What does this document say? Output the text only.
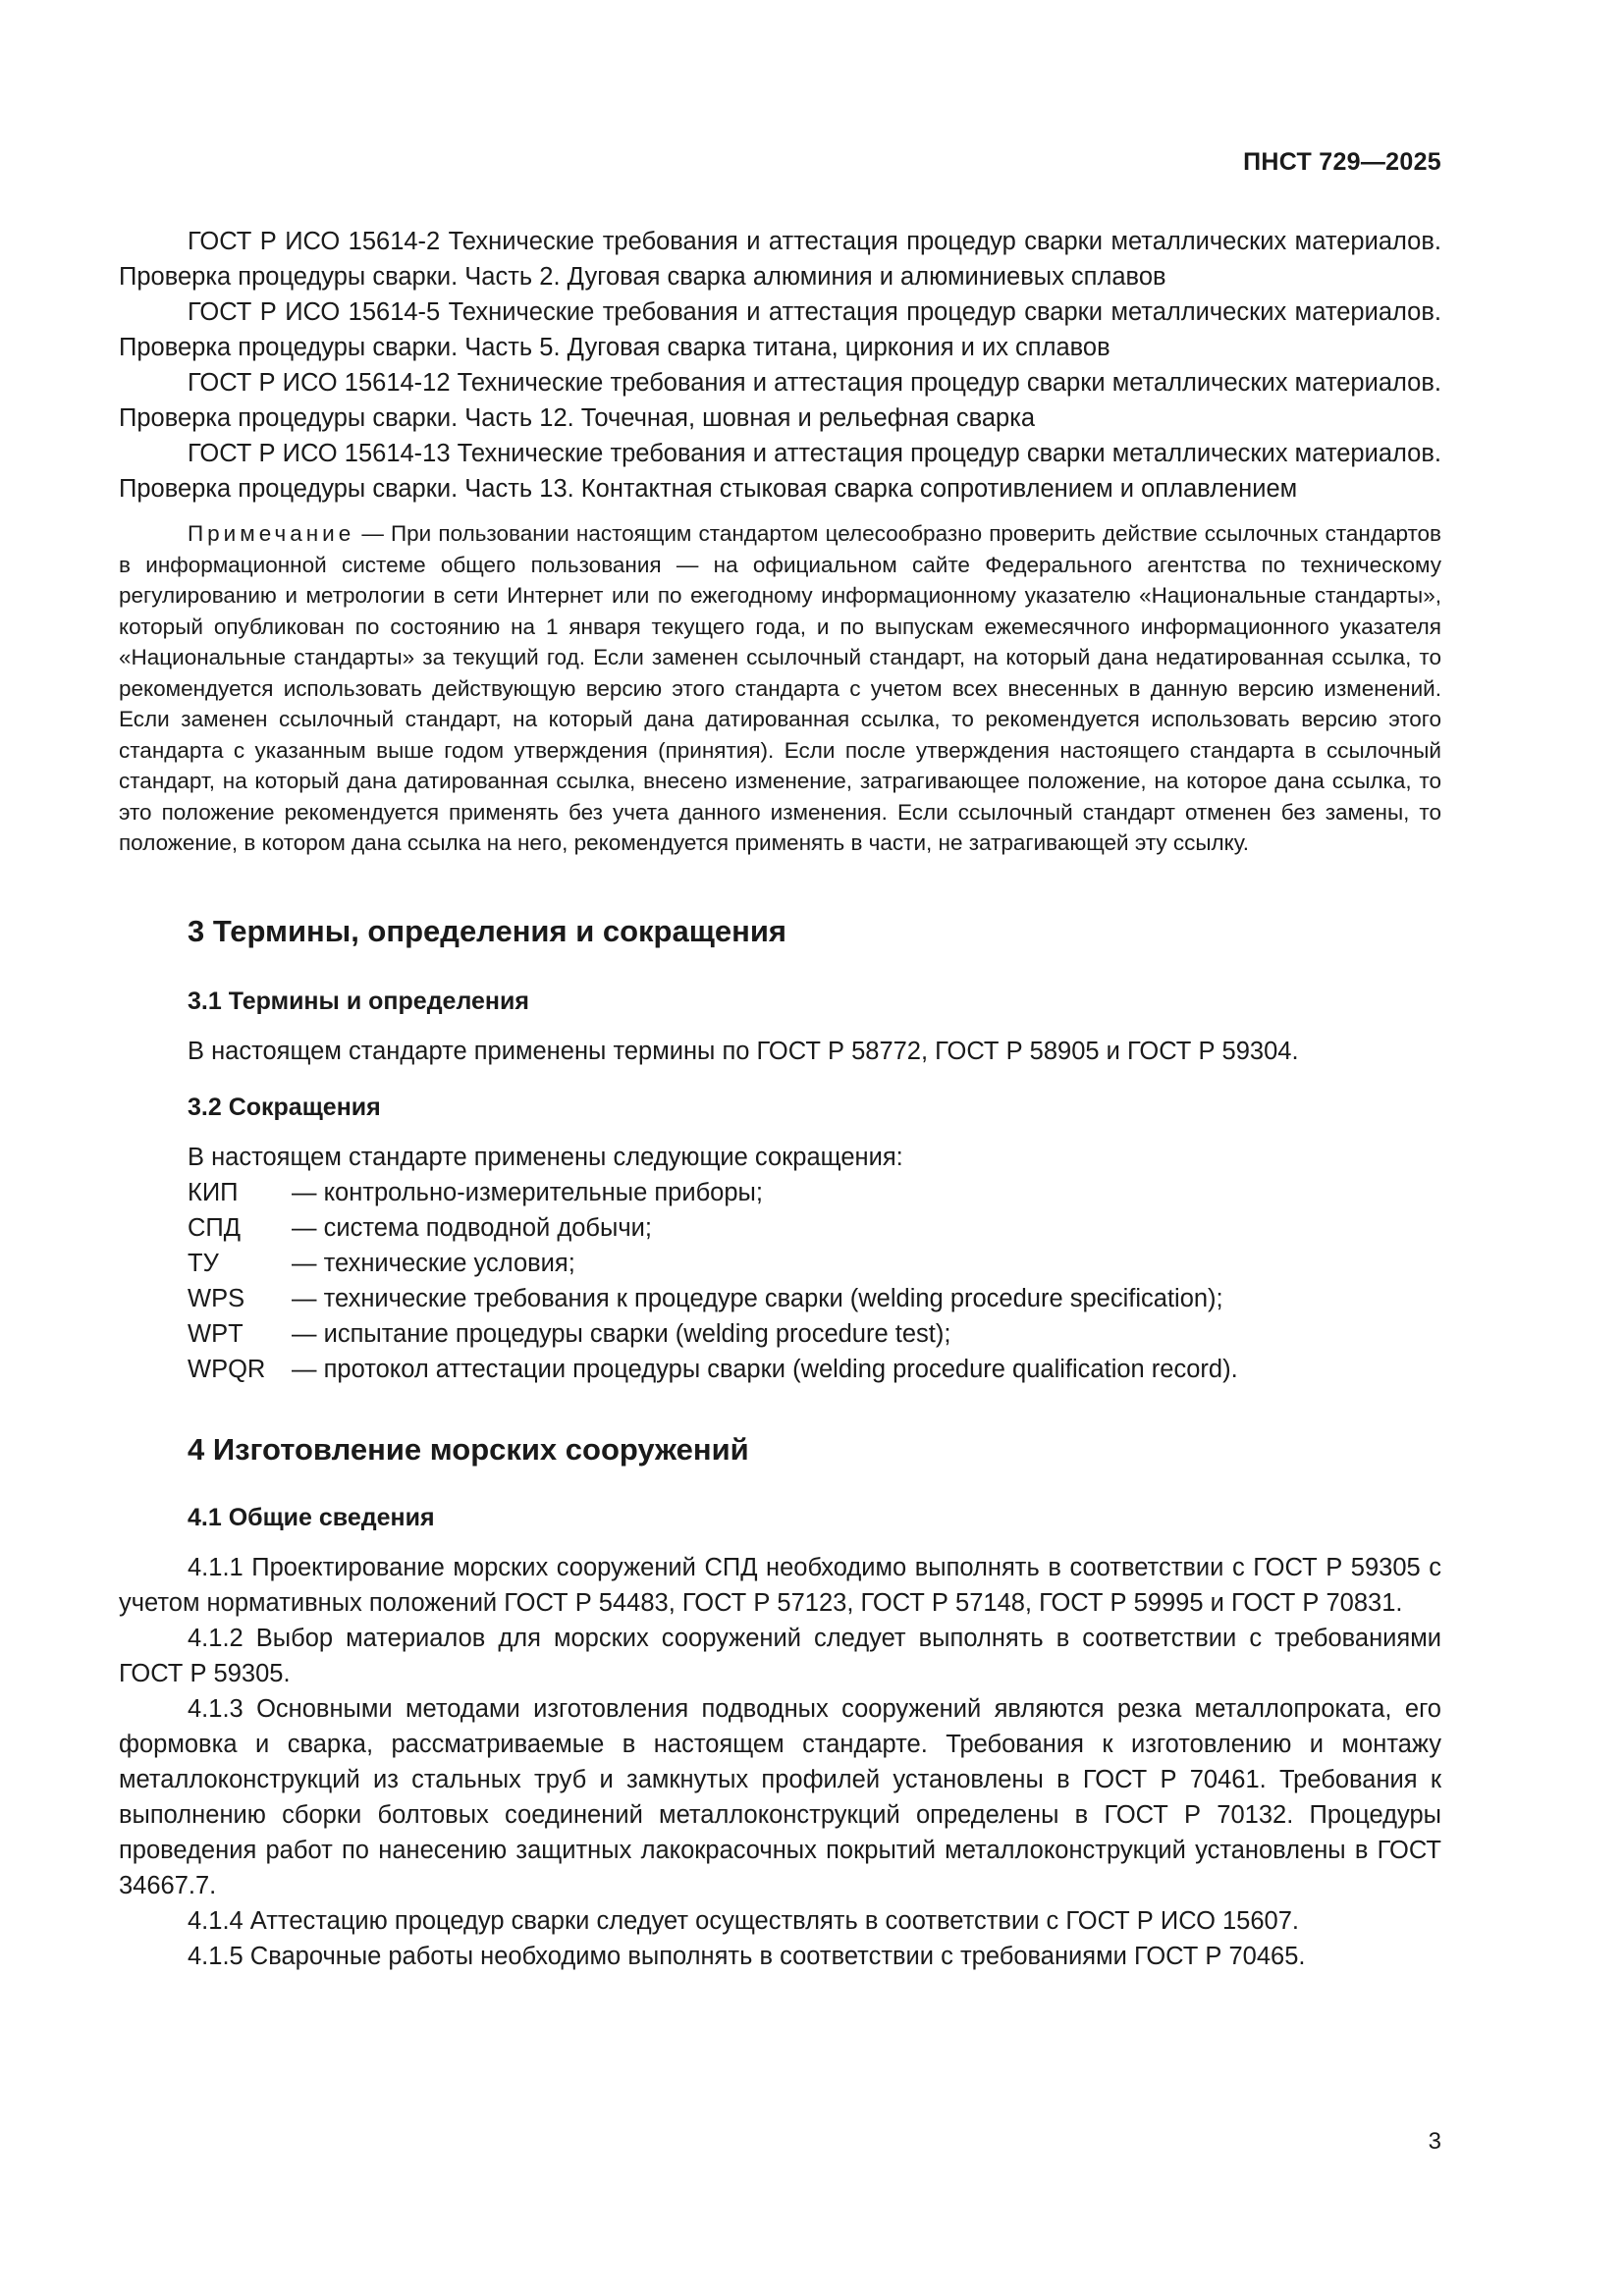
ПНСТ 729—2025

ГОСТ Р ИСО 15614-2 Технические требования и аттестация процедур сварки металлических материалов. Проверка процедуры сварки. Часть 2. Дуговая сварка алюминия и алюминиевых сплавов

ГОСТ Р ИСО 15614-5 Технические требования и аттестация процедур сварки металлических материалов. Проверка процедуры сварки. Часть 5. Дуговая сварка титана, циркония и их сплавов

ГОСТ Р ИСО 15614-12 Технические требования и аттестация процедур сварки металлических материалов. Проверка процедуры сварки. Часть 12. Точечная, шовная и рельефная сварка

ГОСТ Р ИСО 15614-13 Технические требования и аттестация процедур сварки металлических материалов. Проверка процедуры сварки. Часть 13. Контактная стыковая сварка сопротивлением и оплавлением

Примечание — При пользовании настоящим стандартом целесообразно проверить действие ссылочных стандартов в информационной системе общего пользования — на официальном сайте Федерального агентства по техническому регулированию и метрологии в сети Интернет или по ежегодному информационному указателю «Национальные стандарты», который опубликован по состоянию на 1 января текущего года, и по выпускам ежемесячного информационного указателя «Национальные стандарты» за текущий год. Если заменен ссылочный стандарт, на который дана недатированная ссылка, то рекомендуется использовать действующую версию этого стандарта с учетом всех внесенных в данную версию изменений. Если заменен ссылочный стандарт, на который дана датированная ссылка, то рекомендуется использовать версию этого стандарта с указанным выше годом утверждения (принятия). Если после утверждения настоящего стандарта в ссылочный стандарт, на который дана датированная ссылка, внесено изменение, затрагивающее положение, на которое дана ссылка, то это положение рекомендуется применять без учета данного изменения. Если ссылочный стандарт отменен без замены, то положение, в котором дана ссылка на него, рекомендуется применять в части, не затрагивающей эту ссылку.

3 Термины, определения и сокращения
3.1 Термины и определения

В настоящем стандарте применены термины по ГОСТ Р 58772, ГОСТ Р 58905 и ГОСТ Р 59304.

3.2 Сокращения

В настоящем стандарте применены следующие сокращения:

КИП	— контрольно-измерительные приборы;
СПД	— система подводной добычи;
ТУ	— технические условия;
WPS	— технические требования к процедуре сварки (welding procedure specification);
WPT	— испытание процедуры сварки (welding procedure test);
WPQR	— протокол аттестации процедуры сварки (welding procedure qualification record).
4 Изготовление морских сооружений
4.1 Общие сведения

4.1.1 Проектирование морских сооружений СПД необходимо выполнять в соответствии с ГОСТ Р 59305 с учетом нормативных положений ГОСТ Р 54483, ГОСТ Р 57123, ГОСТ Р 57148, ГОСТ Р 59995 и ГОСТ Р 70831.

4.1.2 Выбор материалов для морских сооружений следует выполнять в соответствии с требованиями ГОСТ Р 59305.

4.1.3 Основными методами изготовления подводных сооружений являются резка металлопроката, его формовка и сварка, рассматриваемые в настоящем стандарте. Требования к изготовлению и монтажу металлоконструкций из стальных труб и замкнутых профилей установлены в ГОСТ Р 70461. Требования к выполнению сборки болтовых соединений металлоконструкций определены в ГОСТ Р 70132. Процедуры проведения работ по нанесению защитных лакокрасочных покрытий металлоконструкций установлены в ГОСТ 34667.7.

4.1.4 Аттестацию процедур сварки следует осуществлять в соответствии с ГОСТ Р ИСО 15607.

4.1.5 Сварочные работы необходимо выполнять в соответствии с требованиями ГОСТ Р 70465.

3
